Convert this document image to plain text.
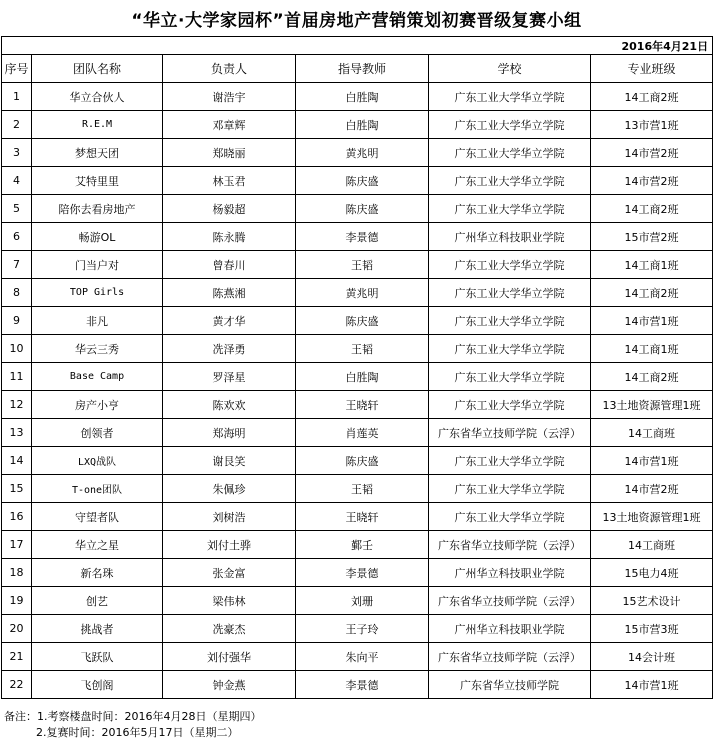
“华立·大学家园杯”首届房地产营销策划初赛晋级复赛小组
2016年4月21日					
序号	团队名称	负责人	指导教师	学校	专业班级
1	华立合伙人	谢浩宇	白胜陶	广东工业大学华立学院	14工商2班
2	R.E.M	邓章辉	白胜陶	广东工业大学华立学院	13市营1班
3	梦想天团	郑晓丽	黄兆明	广东工业大学华立学院	14市营2班
4	艾特里里	林玉君	陈庆盛	广东工业大学华立学院	14市营2班
5	陪你去看房地产	杨毅超	陈庆盛	广东工业大学华立学院	14工商2班
6	畅游OL	陈永腾	李景德	广州华立科技职业学院	15市营2班
7	门当户对	曾春川	王韬	广东工业大学华立学院	14工商1班
8	TOP Girls	陈燕湘	黄兆明	广东工业大学华立学院	14工商2班
9	非凡	黄才华	陈庆盛	广东工业大学华立学院	14市营1班
10	华云三秀	冼泽勇	王韬	广东工业大学华立学院	14工商1班
11	Base Camp	罗泽星	白胜陶	广东工业大学华立学院	14工商2班
12	房产小亨	陈欢欢	王晓轩	广东工业大学华立学院	13土地资源管理1班
13	创领者	郑海明	肖莲英	广东省华立技师学院（云浮）	14工商班
14	LXQ战队	谢艮笑	陈庆盛	广东工业大学华立学院	14市营1班
15	T-one团队	朱佩珍	王韬	广东工业大学华立学院	14市营2班
16	守望者队	刘树浩	王晓轩	广东工业大学华立学院	13土地资源管理1班
17	华立之星	刘付土骅	鄞壬	广东省华立技师学院（云浮）	14工商班
18	新名珠	张金富	李景德	广州华立科技职业学院	15电力4班
19	创艺	梁伟林	刘珊	广东省华立技师学院（云浮）	15艺术设计
20	挑战者	冼豪杰	王子玲	广州华立科技职业学院	15市营3班
21	飞跃队	刘付强华	朱向平	广东省华立技师学院（云浮）	14会计班
22	飞创阁	钟金燕	李景德	广东省华立技师学院	14市营1班
备注：1.考察楼盘时间：2016年4月28日（星期四）
2.复赛时间：2016年5月17日（星期二）
